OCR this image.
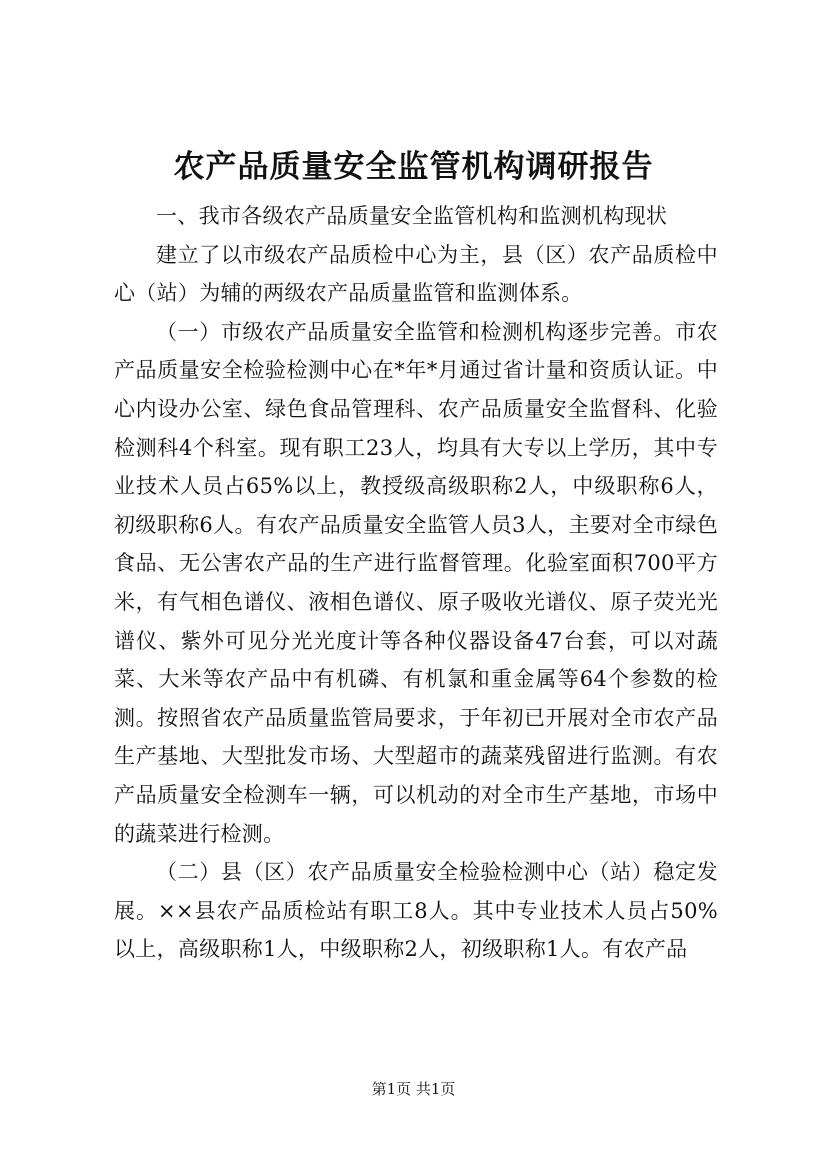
农产品质量安全监管机构调研报告

一、我市各级农产品质量安全监管机构和监测机构现状

建立了以市级农产品质检中心为主，县（区）农产品质检中心（站）为辅的两级农产品质量监管和监测体系。

（一）市级农产品质量安全监管和检测机构逐步完善。市农产品质量安全检验检测中心在*年*月通过省计量和资质认证。中心内设办公室、绿色食品管理科、农产品质量安全监督科、化验检测科4个科室。现有职工23人，均具有大专以上学历，其中专业技术人员占65%以上，教授级高级职称2人，中级职称6人，初级职称6人。有农产品质量安全监管人员3人，主要对全市绿色食品、无公害农产品的生产进行监督管理。化验室面积700平方米，有气相色谱仪、液相色谱仪、原子吸收光谱仪、原子荧光光谱仪、紫外可见分光光度计等各种仪器设备47台套，可以对蔬菜、大米等农产品中有机磷、有机氯和重金属等64个参数的检测。按照省农产品质量监管局要求，于年初已开展对全市农产品生产基地、大型批发市场、大型超市的蔬菜残留进行监测。有农产品质量安全检测车一辆，可以机动的对全市生产基地，市场中的蔬菜进行检测。

（二）县（区）农产品质量安全检验检测中心（站）稳定发展。××县农产品质检站有职工8人。其中专业技术人员占50%以上，高级职称1人，中级职称2人，初级职称1人。有农产品

第1页 共1页
